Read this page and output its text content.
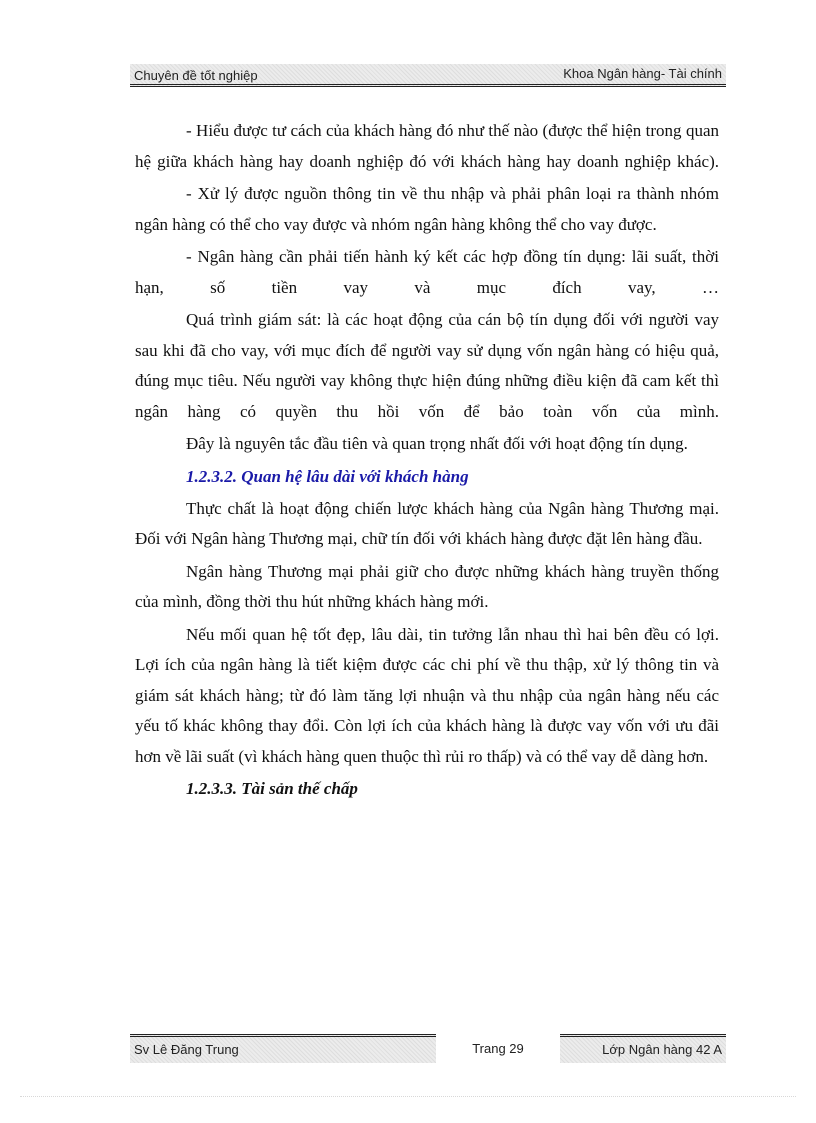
Chuyên đề tốt nghiệp	Khoa Ngân hàng- Tài chính

- Hiểu được tư cách của khách hàng đó như thế nào (được thể hiện trong quan hệ giữa khách hàng hay doanh nghiệp đó với khách hàng hay doanh nghiệp khác).

- Xử lý được nguồn thông tin về thu nhập và phải phân loại ra thành nhóm ngân hàng có thể cho vay được và nhóm ngân hàng không thể cho vay được.

- Ngân hàng cần phải tiến hành ký kết các hợp đồng tín dụng: lãi suất, thời hạn, số tiền vay và mục đích vay, …

Quá trình giám sát: là các hoạt động của cán bộ tín dụng đối với người vay sau khi đã cho vay, với mục đích để người vay sử dụng vốn ngân hàng có hiệu quả, đúng mục tiêu. Nếu người vay không thực hiện đúng những điều kiện đã cam kết thì ngân hàng có quyền thu hồi vốn để bảo toàn vốn của mình.

Đây là nguyên tắc đầu tiên và quan trọng nhất đối với hoạt động tín dụng.

1.2.3.2. Quan hệ lâu dài với khách hàng

Thực chất là hoạt động chiến lược khách hàng của Ngân hàng Thương mại. Đối với Ngân hàng Thương mại, chữ tín đối với khách hàng được đặt lên hàng đầu.

Ngân hàng Thương mại phải giữ cho được những khách hàng truyền thống của mình, đồng thời thu hút những khách hàng mới.

Nếu mối quan hệ tốt đẹp, lâu dài, tin tưởng lẫn nhau thì hai bên đều có lợi. Lợi ích của ngân hàng là tiết kiệm được các chi phí về thu thập, xử lý thông tin và giám sát khách hàng; từ đó làm tăng lợi nhuận và thu nhập của ngân hàng nếu các yếu tố khác không thay đổi. Còn lợi ích của khách hàng là được vay vốn với ưu đãi hơn về lãi suất (vì khách hàng quen thuộc thì rủi ro thấp) và có thể vay dễ dàng hơn.

1.2.3.3. Tài sản thế chấp
Sv Lê Đăng Trung	Trang 29	Lớp Ngân hàng 42 A
